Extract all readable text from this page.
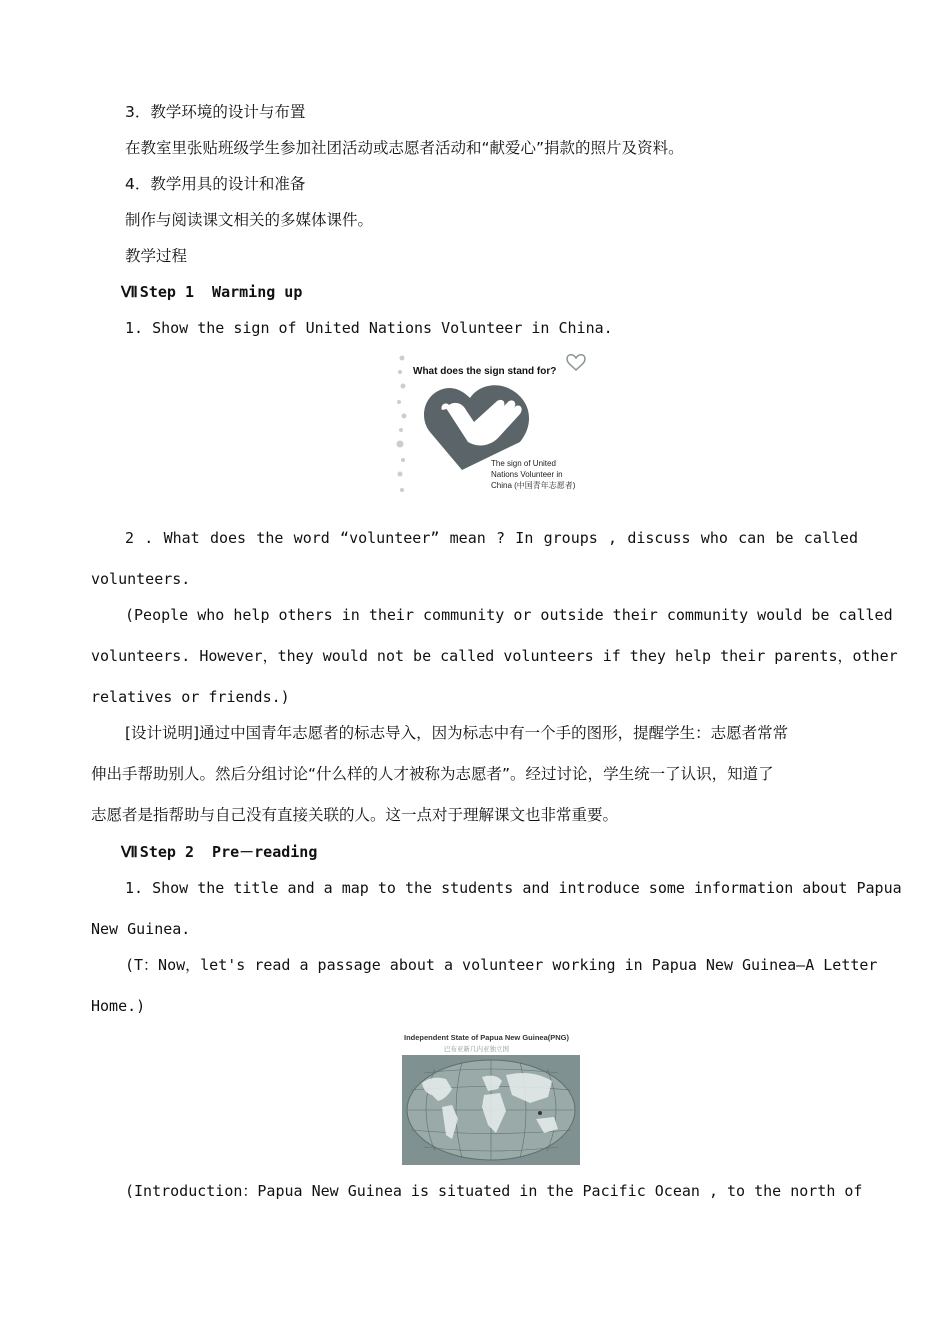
3．教学环境的设计与布置
在教室里张贴班级学生参加社团活动或志愿者活动和“献爱心”捐款的照片及资料。
4．教学用具的设计和准备
制作与阅读课文相关的多媒体课件。
教学过程
Ⅶ Step 1  Warming up
1. Show the sign of United Nations Volunteer in China.
What does the sign stand for?
The sign of United
Nations Volunteer in
China (中国青年志愿者)
2 . What does the word “volunteer” mean ? In groups , discuss who can be called
volunteers.
(People who help others in their community or outside their community would be called
volunteers. However，they would not be called volunteers if they help their parents，other
relatives or friends.)
[设计说明]通过中国青年志愿者的标志导入，因为标志中有一个手的图形，提醒学生：志愿者常常
伸出手帮助别人。然后分组讨论“什么样的人才被称为志愿者”。经过讨论，学生统一了认识，知道了
志愿者是指帮助与自己没有直接关联的人。这一点对于理解课文也非常重要。
Ⅶ Step 2  Pre－reading
1. Show the title and a map to the students and introduce some information about Papua
New Guinea.
(T：Now，let's read a passage about a volunteer working in Papua New Guinea—A Letter
Home.)
Independent State of Papua New Guinea(PNG)
巴布亚新几内亚独立国
(Introduction：Papua New Guinea is situated in the Pacific Ocean , to the north of
